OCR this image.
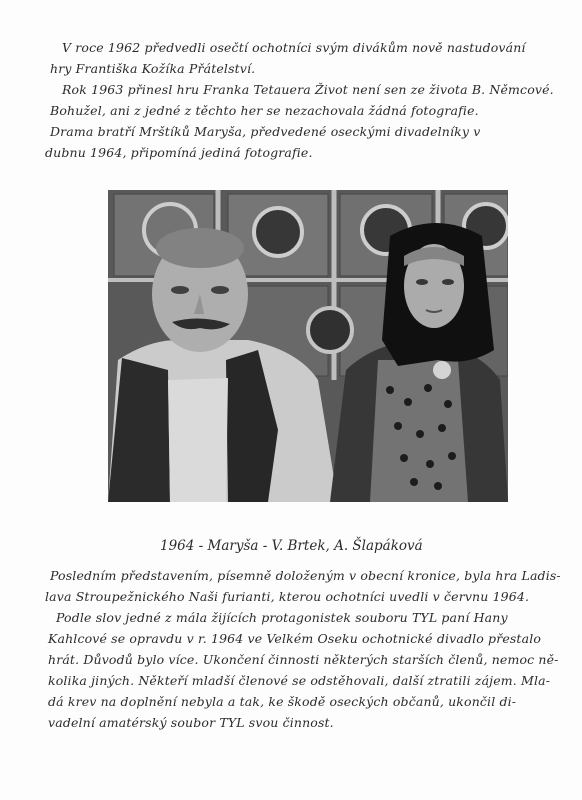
V roce 1962 předvedli osečtí ochotníci svým divákům nově nastudování

hry Františka Kožíka Přátelství.

Rok 1963 přinesl hru Franka Tetauera Život není sen ze života B. Němcové.

Bohužel, ani z jedné z těchto her se nezachovala žádná fotografie.

Drama bratří Mrštíků Maryša, předvedené oseckými divadelníky v

dubnu 1964, připomíná jediná fotografie.

1964 - Maryša - V. Brtek, A. Šlapáková

Posledním představením, písemně doloženým v obecní kronice, byla hra Ladis-

lava Stroupežnického Naši furianti, kterou ochotníci uvedli v červnu 1964.

Podle slov jedné z mála žijících protagonistek souboru TYL paní Hany

Kahlcové se opravdu v r. 1964 ve Velkém Oseku ochotnické divadlo přestalo

hrát. Důvodů bylo více. Ukončení činnosti některých starších členů, nemoc ně-

kolika jiných. Někteří mladší členové se odstěhovali, další ztratili zájem. Mla-

dá krev na doplnění nebyla a tak, ke škodě oseckých občanů, ukončil di-

vadelní amatérský soubor TYL svou činnost.
